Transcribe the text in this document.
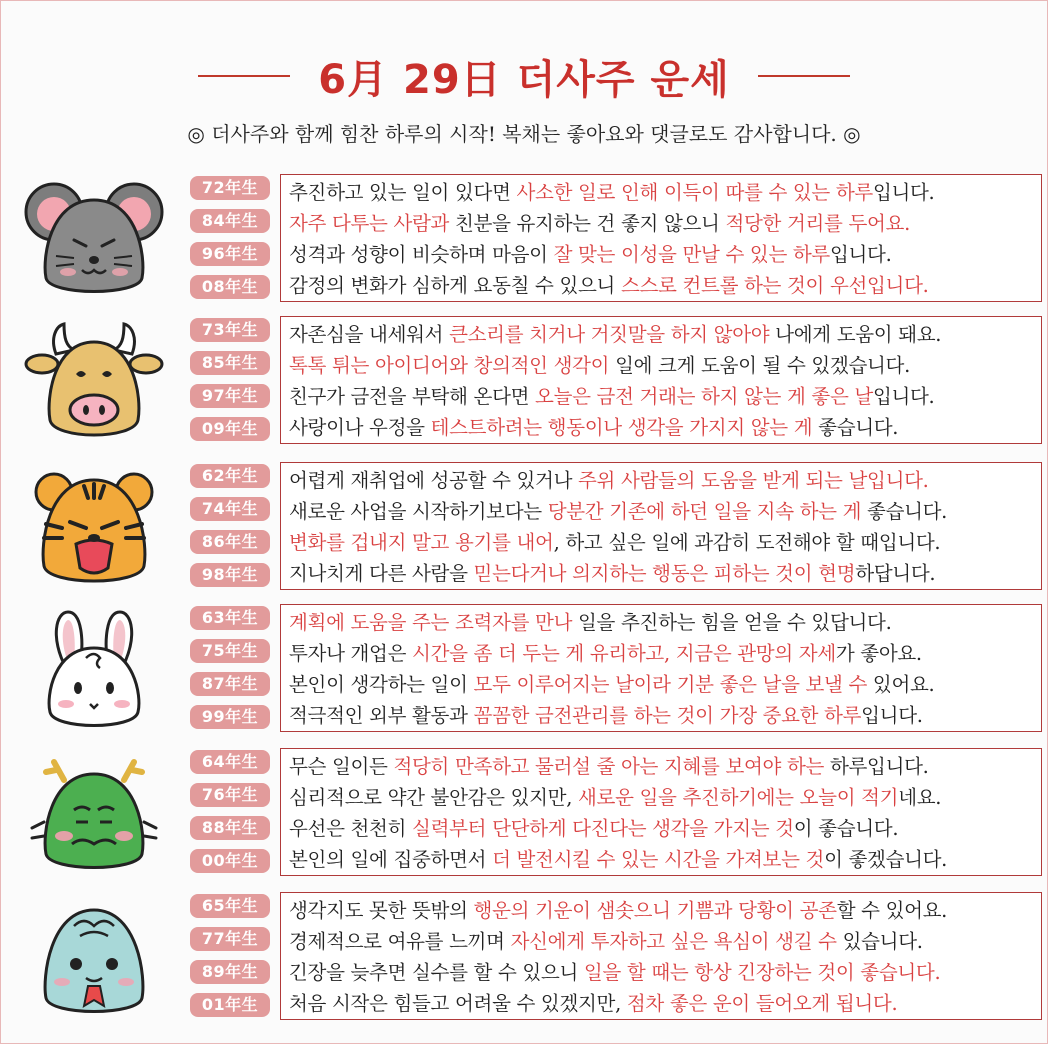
6月 29日 더사주 운세
◎ 더사주와 함께 힘찬 하루의 시작! 복채는 좋아요와 댓글로도 감사합니다. ◎
72年生
84年生
96年生
08年生
추진하고 있는 일이 있다면 사소한 일로 인해 이득이 따를 수 있는 하루입니다.
자주 다투는 사람과 친분을 유지하는 건 좋지 않으니 적당한 거리를 두어요.
성격과 성향이 비슷하며 마음이 잘 맞는 이성을 만날 수 있는 하루입니다.
감정의 변화가 심하게 요동칠 수 있으니 스스로 컨트롤 하는 것이 우선입니다.
73年生
85年生
97年生
09年生
자존심을 내세워서 큰소리를 치거나 거짓말을 하지 않아야 나에게 도움이 돼요.
톡톡 튀는 아이디어와 창의적인 생각이 일에 크게 도움이 될 수 있겠습니다.
친구가 금전을 부탁해 온다면 오늘은 금전 거래는 하지 않는 게 좋은 날입니다.
사랑이나 우정을 테스트하려는 행동이나 생각을 가지지 않는 게 좋습니다.
62年生
74年生
86年生
98年生
어렵게 재취업에 성공할 수 있거나 주위 사람들의 도움을 받게 되는 날입니다.
새로운 사업을 시작하기보다는 당분간 기존에 하던 일을 지속 하는 게 좋습니다.
변화를 겁내지 말고 용기를 내어, 하고 싶은 일에 과감히 도전해야 할 때입니다.
지나치게 다른 사람을 믿는다거나 의지하는 행동은 피하는 것이 현명하답니다.
63年生
75年生
87年生
99年生
계획에 도움을 주는 조력자를 만나 일을 추진하는 힘을 얻을 수 있답니다.
투자나 개업은 시간을 좀 더 두는 게 유리하고, 지금은 관망의 자세가 좋아요.
본인이 생각하는 일이 모두 이루어지는 날이라 기분 좋은 날을 보낼 수 있어요.
적극적인 외부 활동과 꼼꼼한 금전관리를 하는 것이 가장 중요한 하루입니다.
64年生
76年生
88年生
00年生
무슨 일이든 적당히 만족하고 물러설 줄 아는 지혜를 보여야 하는 하루입니다.
심리적으로 약간 불안감은 있지만, 새로운 일을 추진하기에는 오늘이 적기네요.
우선은 천천히 실력부터 단단하게 다진다는 생각을 가지는 것이 좋습니다.
본인의 일에 집중하면서 더 발전시킬 수 있는 시간을 가져보는 것이 좋겠습니다.
65年生
77年生
89年生
01年生
생각지도 못한 뜻밖의 행운의 기운이 샘솟으니 기쁨과 당황이 공존할 수 있어요.
경제적으로 여유를 느끼며 자신에게 투자하고 싶은 욕심이 생길 수 있습니다.
긴장을 늦추면 실수를 할 수 있으니 일을 할 때는 항상 긴장하는 것이 좋습니다.
처음 시작은 힘들고 어려울 수 있겠지만, 점차 좋은 운이 들어오게 됩니다.
